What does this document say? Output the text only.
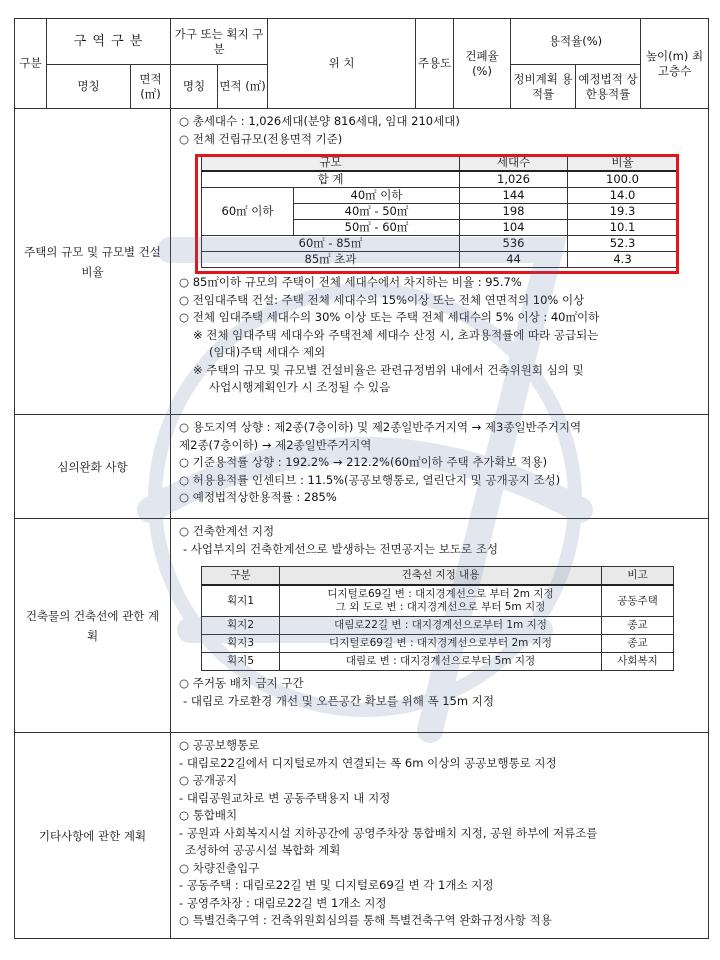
구분	구 역 구 분	가구 또는 획지 구분	위 치	주용도	건폐율 (%)	용적율(%)	높이(m) 최고층수
명칭	면적 (㎡)	명칭	면적 (㎡)	정비계획 용적률	예정법적 상한용적률
주택의 규모 및 규모별 건설비율	
○ 총세대수 : 1,026세대(분양 816세대, 임대 210세대)
○ 전체 건립규모(전용면적 기준)
규모	세대수	비율
합 계	1,026	100.0
60㎡ 이하	40㎡ 이하	144	14.0
40㎡ - 50㎡	198	19.3
50㎡ - 60㎡	104	10.1
60㎡ - 85㎡	536	52.3
85㎡ 초과	44	4.3
○ 85㎡이하 규모의 주택이 전체 세대수에서 차지하는 비율 : 95.7%
○ 전임대주택 건설: 주택 전체 세대수의 15%이상 또는 전체 연면적의 10% 이상
○ 전체 임대주택 세대수의 30% 이상 또는 주택 전체 세대수의 5% 이상 : 40㎡이하
※ 전체 임대주택 세대수와 주택전체 세대수 산정 시, 초과용적률에 따라 공급되는
(임대)주택 세대수 제외
※ 주택의 규모 및 규모별 건설비율은 관련규정범위 내에서 건축위원회 심의 및
사업시행계획인가 시 조정될 수 있음

심의완화 사항	
○ 용도지역 상향 : 제2종(7층이하) 및 제2종일반주거지역 → 제3종일반주거지역
제2종(7층이하) → 제2종일반주거지역
○ 기준용적률 상향 : 192.2% → 212.2%(60㎡이하 주택 추가확보 적용)
○ 허용용적률 인센티브 : 11.5%(공공보행통로, 열린단지 및 공개공지 조성)
○ 예정법적상한용적률 : 285%

건축물의 건축선에 관한 계획	
○ 건축한계선 지정
- 사업부지의 건축한계선으로 발생하는 전면공지는 보도로 조성
구분	건축선 지정 내용	비고
획지1	
디지털로69길 변 : 대지경계선으로 부터 2m 지정
그 외 도로 변 : 대지경계선으로 부터 5m 지정
	공동주택
획지2	대림로22길 변 : 대지경계선으로부터 1m 지정	종교
획지3	디지털로69길 변 : 대지경계선으로부터 2m 지정	종교
획지5	대림로 변 : 대지경계선으로부터 5m 지정	사회복지
○ 주거동 배치 금지 구간
- 대림로 가로환경 개선 및 오픈공간 확보를 위해 폭 15m 지정

기타사항에 관한 계획	
○ 공공보행통로
- 대림로22길에서 디지털로까지 연결되는 폭 6m 이상의 공공보행통로 지정
○ 공개공지
- 대림공원교차로 변 공동주택용지 내 지정
○ 통합배치
- 공원과 사회복지시설 지하공간에 공영주차장 통합배치 지정, 공원 하부에 저류조를
조성하여 공공시설 복합화 계획
○ 차량진출입구
- 공동주택 : 대림로22길 변 및 디지털로69길 변 각 1개소 지정
- 공영주차장 : 대림로22길 변 1개소 지정
○ 특별건축구역 : 건축위원회심의를 통해 특별건축구역 완화규정사항 적용
